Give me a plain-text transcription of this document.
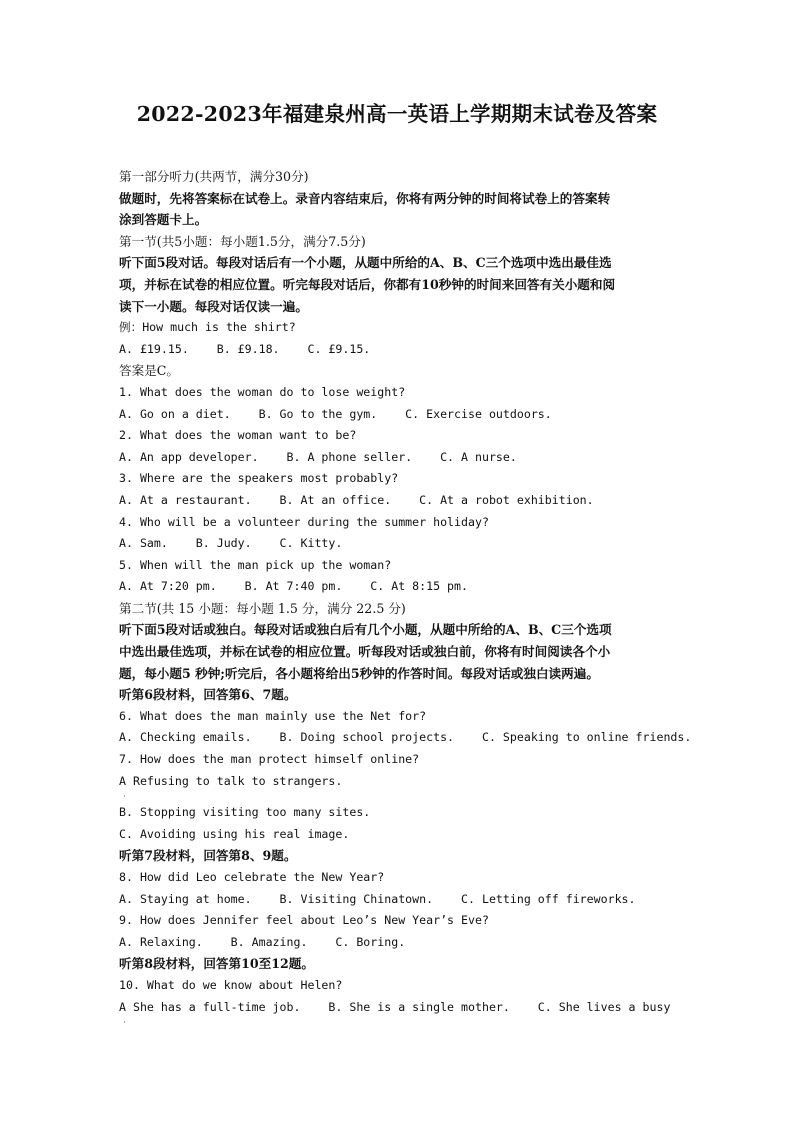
2022-2023年福建泉州高一英语上学期期末试卷及答案
第一部分听力(共两节，满分30分)
做题时，先将答案标在试卷上。录音内容结束后，你将有两分钟的时间将试卷上的答案转
涂到答题卡上。
第一节(共5小题：每小题1.5分，满分7.5分)
听下面5段对话。每段对话后有一个小题，从题中所给的A、B、C三个选项中选出最佳选
项，并标在试卷的相应位置。听完每段对话后，你都有10秒钟的时间来回答有关小题和阅
读下一小题。每段对话仅读一遍。
例：How much is the shirt?
A. £19.15.    B. £9.18.    C. £9.15.
答案是C。
1. What does the woman do to lose weight?
A. Go on a diet.    B. Go to the gym.    C. Exercise outdoors.
2. What does the woman want to be?
A. An app developer.    B. A phone seller.    C. A nurse.
3. Where are the speakers most probably?
A. At a restaurant.    B. At an office.    C. At a robot exhibition.
4. Who will be a volunteer during the summer holiday?
A. Sam.    B. Judy.    C. Kitty.
5. When will the man pick up the woman?
A. At 7:20 pm.    B. At 7:40 pm.    C. At 8:15 pm.
第二节(共 15 小题：每小题 1.5 分，满分 22.5 分)
听下面5段对话或独白。每段对话或独白后有几个小题，从题中所给的A、B、C三个选项
中选出最佳选项，并标在试卷的相应位置。听每段对话或独白前，你将有时间阅读各个小
题，每小题5 秒钟;听完后，各小题将给出5秒钟的作答时间。每段对话或独白读两遍。
听第6段材料，回答第6、7题。
6. What does the man mainly use the Net for?
A. Checking emails.    B. Doing school projects.    C. Speaking to online friends.
7. How does the man protect himself online?
A Refusing to talk to strangers.
·
B. Stopping visiting too many sites.
C. Avoiding using his real image.
听第7段材料，回答第8、9题。
8. How did Leo celebrate the New Year?
A. Staying at home.    B. Visiting Chinatown.    C. Letting off fireworks.
9. How does Jennifer feel about Leo’s New Year’s Eve?
A. Relaxing.    B. Amazing.    C. Boring.
听第8段材料，回答第10至12题。
10. What do we know about Helen?
A She has a full-time job.    B. She is a single mother.    C. She lives a busy
·
